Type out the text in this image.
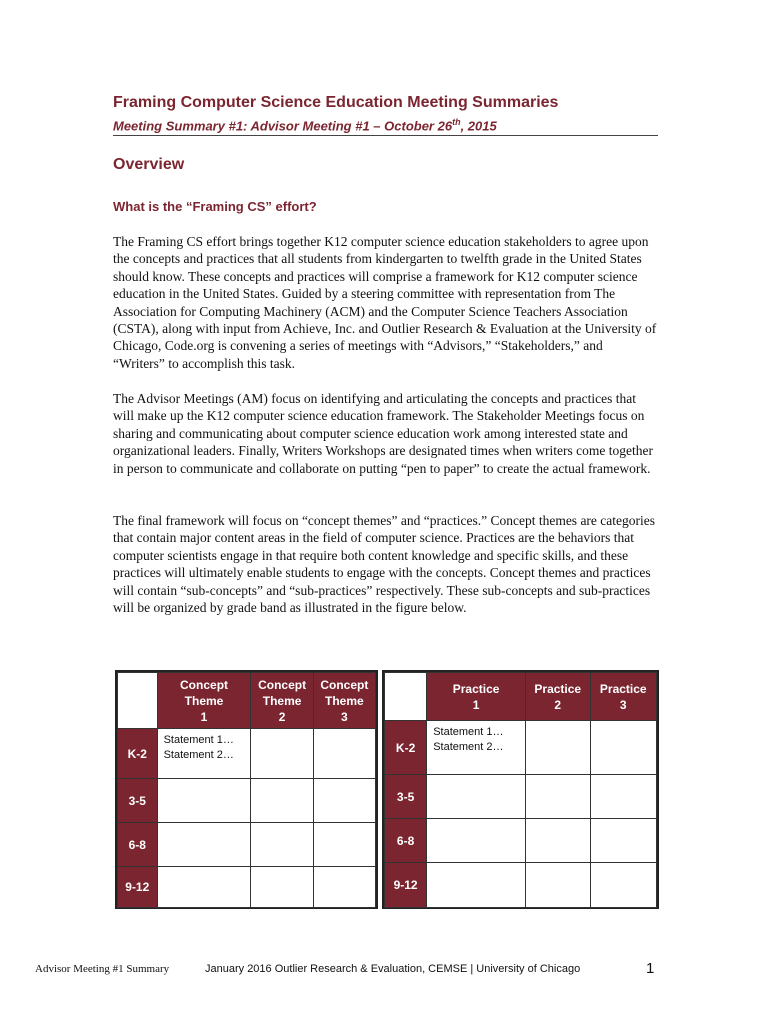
Framing Computer Science Education Meeting Summaries
Meeting Summary #1: Advisor Meeting #1 – October 26th, 2015
Overview
What is the “Framing CS” effort?

The Framing CS effort brings together K12 computer science education stakeholders to agree upon the concepts and practices that all students from kindergarten to twelfth grade in the United States should know. These concepts and practices will comprise a framework for K12 computer science education in the United States. Guided by a steering committee with representation from The Association for Computing Machinery (ACM) and the Computer Science Teachers Association (CSTA), along with input from Achieve, Inc. and Outlier Research & Evaluation at the University of Chicago, Code.org is convening a series of meetings with “Advisors,” “Stakeholders,” and “Writers” to accomplish this task.

The Advisor Meetings (AM) focus on identifying and articulating the concepts and practices that will make up the K12 computer science education framework. The Stakeholder Meetings focus on sharing and communicating about computer science education work among interested state and organizational leaders. Finally, Writers Workshops are designated times when writers come together in person to communicate and collaborate on putting “pen to paper” to create the actual framework.

The final framework will focus on “concept themes” and “practices.” Concept themes are categories that contain major content areas in the field of computer science. Practices are the behaviors that computer scientists engage in that require both content knowledge and specific skills, and these practices will ultimately enable students to engage with the concepts. Concept themes and practices will contain “sub-concepts” and “sub-practices” respectively. These sub-concepts and sub-practices will be organized by grade band as illustrated in the figure below.

	Concept
Theme
1	Concept
Theme
2	Concept
Theme
3
K-2	Statement 1…
Statement 2…		
3-5			
6-8			
9-12			
	Practice
1	Practice
2	Practice
3
K-2	Statement 1…
Statement 2…		
3-5			
6-8			
9-12			
Advisor Meeting #1 Summary	January 2016 Outlier Research & Evaluation, CEMSE | University of Chicago	1
